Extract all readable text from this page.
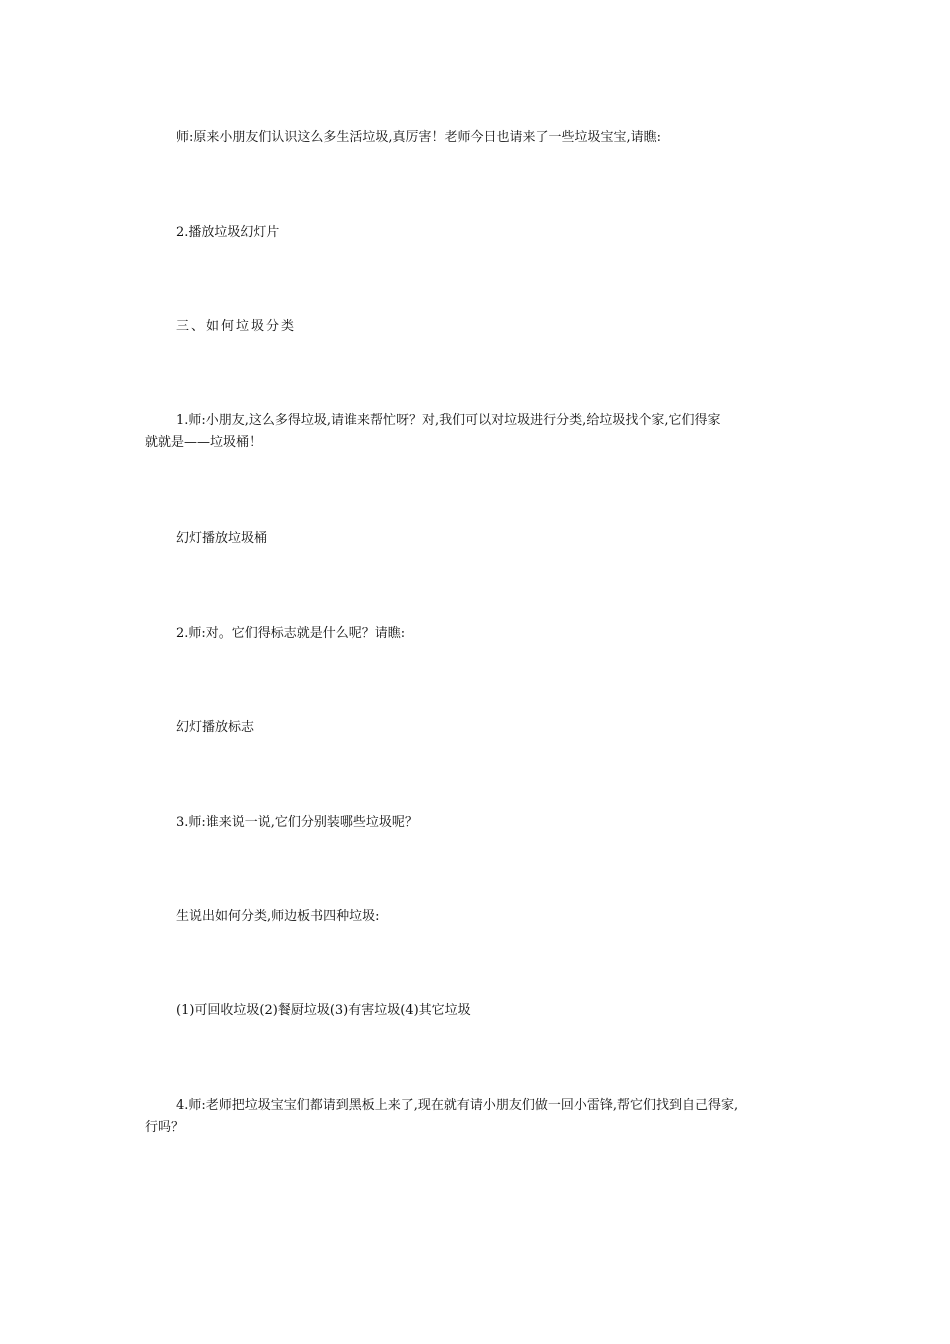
师:原来小朋友们认识这么多生活垃圾,真厉害！老师今日也请来了一些垃圾宝宝,请瞧:
2.播放垃圾幻灯片
三、如何垃圾分类
1.师:小朋友,这么多得垃圾,请谁来帮忙呀？对,我们可以对垃圾进行分类,给垃圾找个家,它们得家
就就是——垃圾桶！
幻灯播放垃圾桶
2.师:对。它们得标志就是什么呢？请瞧:
幻灯播放标志
3.师:谁来说一说,它们分别装哪些垃圾呢？
生说出如何分类,师边板书四种垃圾:
(1)可回收垃圾(2)餐厨垃圾(3)有害垃圾(4)其它垃圾
4.师:老师把垃圾宝宝们都请到黑板上来了,现在就有请小朋友们做一回小雷锋,帮它们找到自己得家,
行吗？
